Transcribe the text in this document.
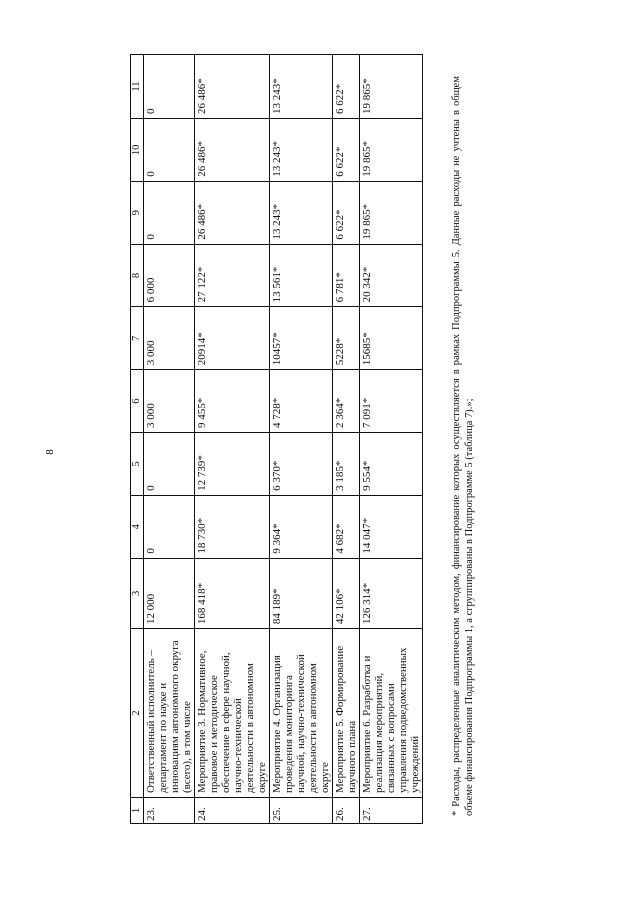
8
1	2	3	4	5	6	7	8	9	10	11
23.	Ответственный исполнитель – департамент по науке и инновациям автономного округа (всего), в том числе	12 000	0	0	3 000	3 000	6 000	0	0	0
24.	Мероприятие 3. Нормативное, правовое и методическое обеспечение в сфере научной, научно-технической деятельности в автономном округе	168 418*	18 730*	12 739*	9 455*	20914*	27 122*	26 486*	26 486*	26 486*
25.	Мероприятие 4. Организация проведения мониторинга научной, научно-технической деятельности в автономном округе	84 189*	9 364*	6 370*	4 728*	10457*	13 561*	13 243*	13 243*	13 243*
26.	Мероприятие 5. Формирование научного плана	42 106*	4 682*	3 185*	2 364*	5228*	6 781*	6 622*	6 622*	6 622*
27.	Мероприятие 6. Разработка и реализация мероприятий, связанных с вопросами управления подведомственных учреждений	126 314*	14 047*	9 554*	7 091*	15685*	20 342*	19 865*	19 865*	19 865*	* Расходы, распределенные аналитическим методом, финансирование которых осуществляется в рамках Подпрограммы 5. Данные расходы не учтены в общем объеме финансирования Подпрограммы 1, а сгруппированы в Подпрограмме 5 (таблица 7).»;
